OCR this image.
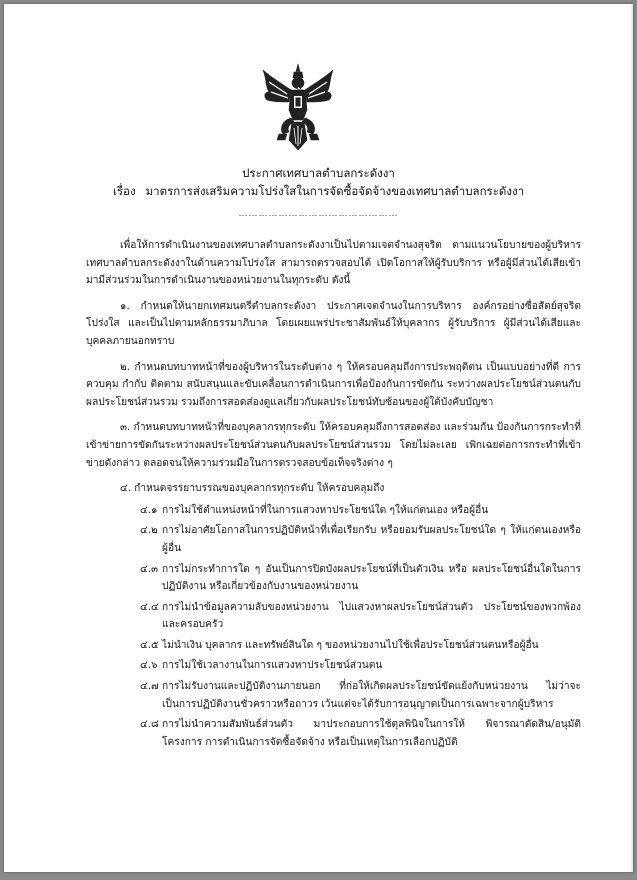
ประกาศเทศบาลตำบลกระดังงา
เรื่อง มาตรการส่งเสริมความโปร่งใสในการจัดซื้อจัดจ้างของเทศบาลตำบลกระดังงา
…………………………………………

เพื่อให้การดำเนินงานของเทศบาลตำบลกระดังงาเป็นไปตามเจตจำนงสุจริต ตามแนวนโยบายของผู้บริหารเทศบาลตำบลกระดังงาในด้านความโปร่งใส สามารถตรวจสอบได้ เปิดโอกาสให้ผู้รับบริการ หรือผู้มีส่วนได้เสียเข้ามามีส่วนร่วมในการดำเนินงานของหน่วยงานในทุกระดับ ดังนี้

๑. กำหนดให้นายกเทศมนตรีตำบลกระดังงา ประกาศเจตจำนงในการบริหาร องค์กรอย่างซื่อสัตย์สุจริต โปร่งใส และเป็นไปตามหลักธรรมาภิบาล โดยเผยแพร่ประชาสัมพันธ์ให้บุคลากร ผู้รับบริการ ผู้มีส่วนได้เสียและบุคคลภายนอกทราบ

๒. กำหนดบทบาทหน้าที่ของผู้บริหารในระดับต่าง ๆ ให้ครอบคลุมถึงการประพฤติตน เป็นแบบอย่างที่ดี การควบคุม กำกับ ติดตาม สนับสนุนและขับเคลื่อนการดำเนินการเพื่อป้องกันการขัดกัน ระหว่างผลประโยชน์ส่วนตนกับผลประโยชน์ส่วนรวม รวมถึงการสอดส่องดูแลเกี่ยวกับผลประโยชน์ทับซ้อนของผู้ใต้บังคับบัญชา

๓. กำหนดบทบาทหน้าที่ของบุคลากรทุกระดับ ให้ครอบคลุมถึงการสอดส่อง และร่วมกัน ป้องกันการกระทำที่เข้าข่ายการขัดกันระหว่างผลประโยชน์ส่วนตนกับผลประโยชน์ส่วนรวม โดยไม่ละเลย เพิกเฉยต่อการกระทำที่เข้าข่ายดังกล่าว ตลอดจนให้ความร่วมมือในการตรวจสอบข้อเท็จจริงต่าง ๆ

๔. กำหนดจรรยาบรรณของบุคลากรทุกระดับ ให้ครอบคลุมถึง

๔.๑ การไม่ใช้ตำแหน่งหน้าที่ในการแสวงหาประโยชน์ใด ๆให้แก่ตนเอง หรือผู้อื่น
๔.๒ การไม่อาศัยโอกาสในการปฏิบัติหน้าที่เพื่อเรียกรับ หรือยอมรับผลประโยชน์ใด ๆ ให้แก่ตนเองหรือผู้อื่น
๔.๓ การไม่กระทำการใด ๆ อันเป็นการปิดบังผลประโยชน์ที่เป็นตัวเงิน หรือ ผลประโยชน์อื่นใดในการปฏิบัติงาน หรือเกี่ยวข้องกับงานของหน่วยงาน
๔.๔ การไม่นำข้อมูลความลับของหน่วยงาน ไปแสวงหาผลประโยชน์ส่วนตัว ประโยชน์ของพวกพ้องและครอบครัว
๔.๕ ไม่นำเงิน บุคลากร และทรัพย์สินใด ๆ ของหน่วยงานไปใช้เพื่อประโยชน์ส่วนตนหรือผู้อื่น
๔.๖ การไม่ใช้เวลางานในการแสวงหาประโยชน์ส่วนตน
๔.๗ การไม่รับงานและปฏิบัติงานภายนอก ที่ก่อให้เกิดผลประโยชน์ขัดแย้งกับหน่วยงาน ไม่ว่าจะเป็นการปฏิบัติงานชั่วคราวหรือถาวร เว้นแต่จะได้รับการอนุญาตเป็นการเฉพาะจากผู้บริหาร
๔.๘ การไม่นำความสัมพันธ์ส่วนตัว มาประกอบการใช้ดุลพินิจในการให้ พิจารณาตัดสิน/อนุมัติโครงการ การดำเนินการจัดซื้อจัดจ้าง หรือเป็นเหตุในการเลือกปฏิบัติ
